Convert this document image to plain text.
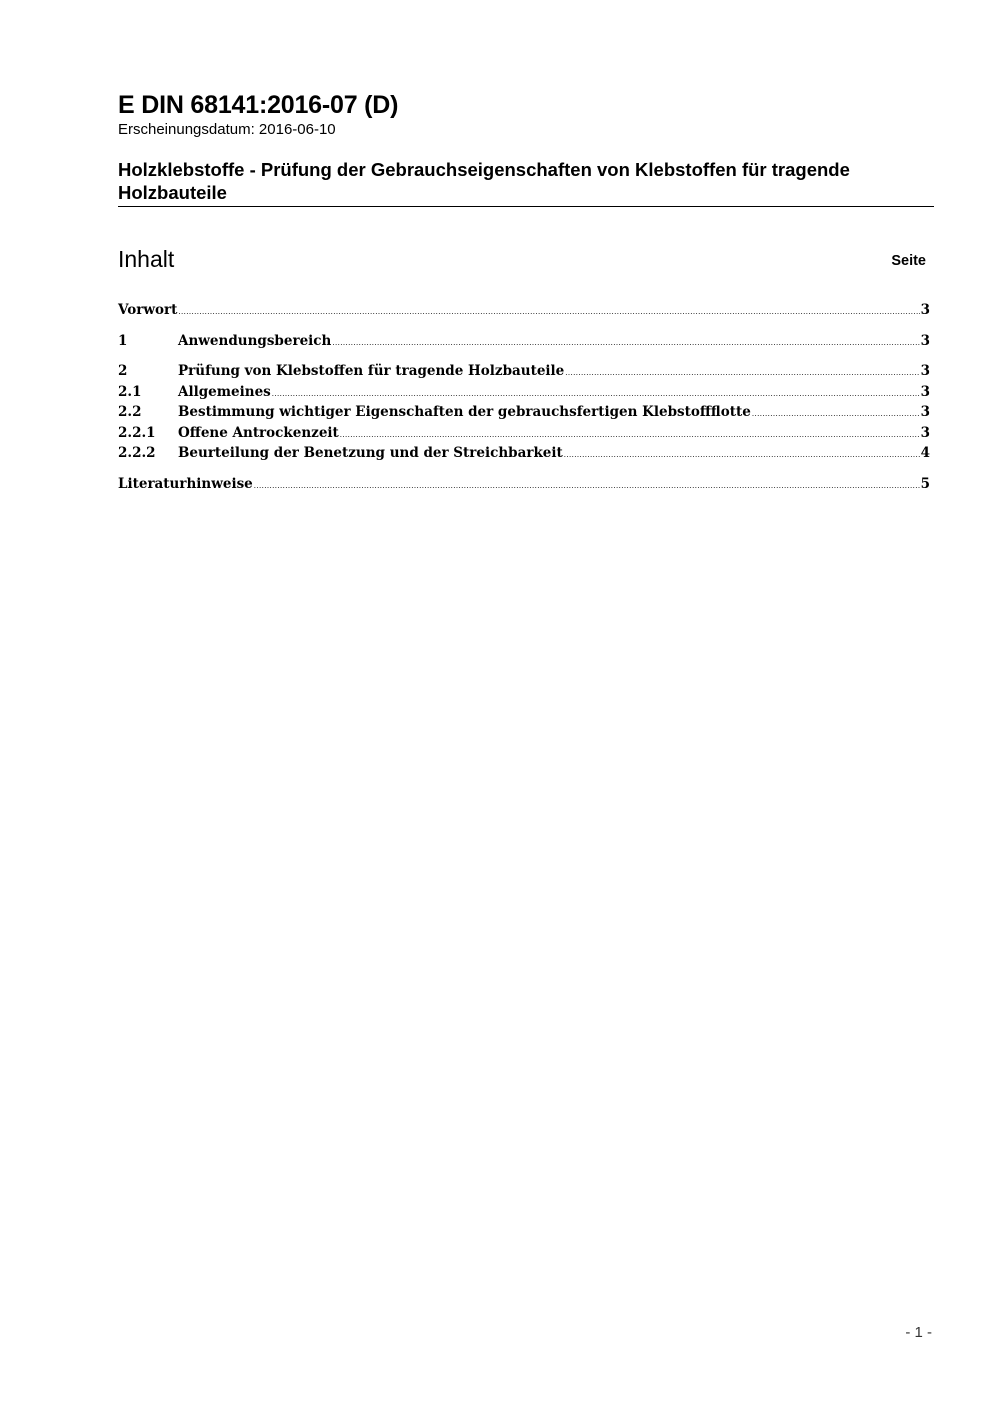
E DIN 68141:2016-07 (D)
Erscheinungsdatum: 2016-06-10
Holzklebstoffe - Prüfung der Gebrauchseigenschaften von Klebstoffen für tragende Holzbauteile
Inhalt	Seite
Vorwort .....	3
1	Anwendungsbereich .....	3
2	Prüfung von Klebstoffen für tragende Holzbauteile .....	3
2.1	Allgemeines .....	3
2.2	Bestimmung wichtiger Eigenschaften der gebrauchsfertigen Klebstoffflotte .....	3
2.2.1	Offene Antrockenzeit .....	3
2.2.2	Beurteilung der Benetzung und der Streichbarkeit .....	4
Literaturhinweise .....	5
- 1 -
